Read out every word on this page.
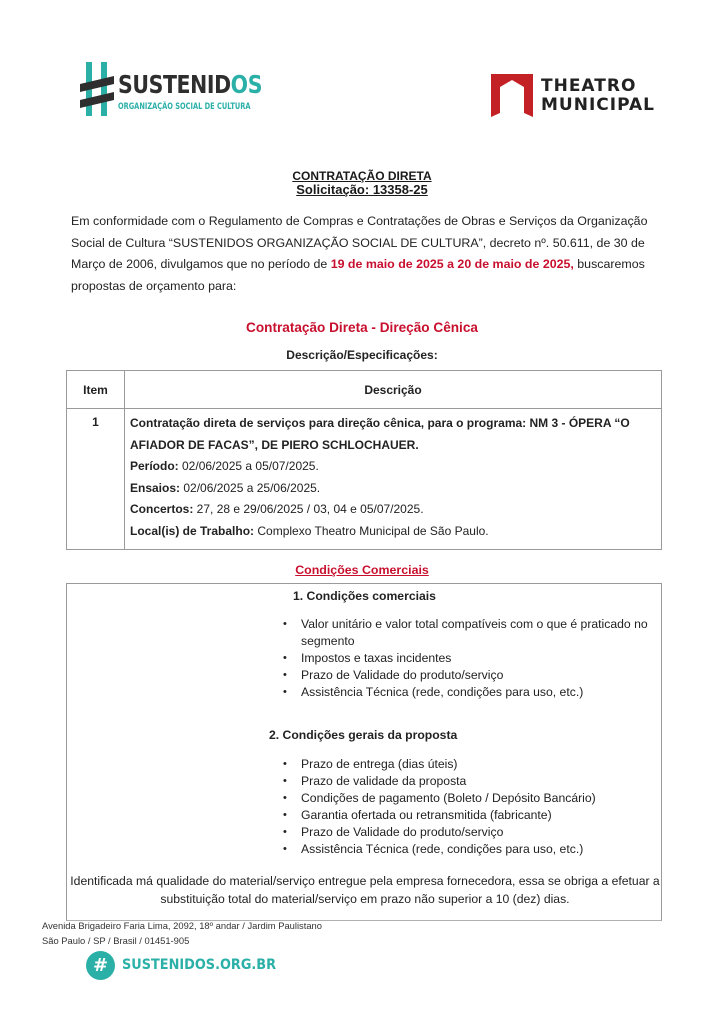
SUSTENIDOS
ORGANIZAÇÃO SOCIAL DE CULTURA
THEATRO
MUNICIPAL
CONTRATAÇÃO DIRETA
Solicitação: 13358-25

Em conformidade com o Regulamento de Compras e Contratações de Obras e Serviços da Organização Social de Cultura “SUSTENIDOS ORGANIZAÇÃO SOCIAL DE CULTURA”, decreto nº. 50.611, de 30 de Março de 2006, divulgamos que no período de 19 de maio de 2025 a 20 de maio de 2025, buscaremos propostas de orçamento para:

Contratação Direta - Direção Cênica
Descrição/Especificações:
Item	Descrição
1	Contratação direta de serviços para direção cênica, para o programa: NM 3 - ÓPERA “O AFIADOR DE FACAS”, DE PIERO SCHLOCHAUER.
Período: 02/06/2025 a 05/07/2025.
Ensaios: 02/06/2025 a 25/06/2025.
Concertos: 27, 28 e 29/06/2025 / 03, 04 e 05/07/2025.
Local(is) de Trabalho: Complexo Theatro Municipal de São Paulo.
Condições Comerciais
1. Condições comerciais
• Valor unitário e valor total compatíveis com o que é praticado no segmento
• Impostos e taxas incidentes
• Prazo de Validade do produto/serviço
• Assistência Técnica (rede, condições para uso, etc.)
2. Condições gerais da proposta
• Prazo de entrega (dias úteis)
• Prazo de validade da proposta
• Condições de pagamento (Boleto / Depósito Bancário)
• Garantia ofertada ou retransmitida (fabricante)
• Prazo de Validade do produto/serviço
• Assistência Técnica (rede, condições para uso, etc.)
Identificada má qualidade do material/serviço entregue pela empresa fornecedora, essa se obriga a efetuar a substituição total do material/serviço em prazo não superior a 10 (dez) dias.
Avenida Brigadeiro Faria Lima, 2092, 18º andar / Jardim Paulistano
São Paulo / SP / Brasil / 01451-905
# SUSTENIDOS.ORG.BR
